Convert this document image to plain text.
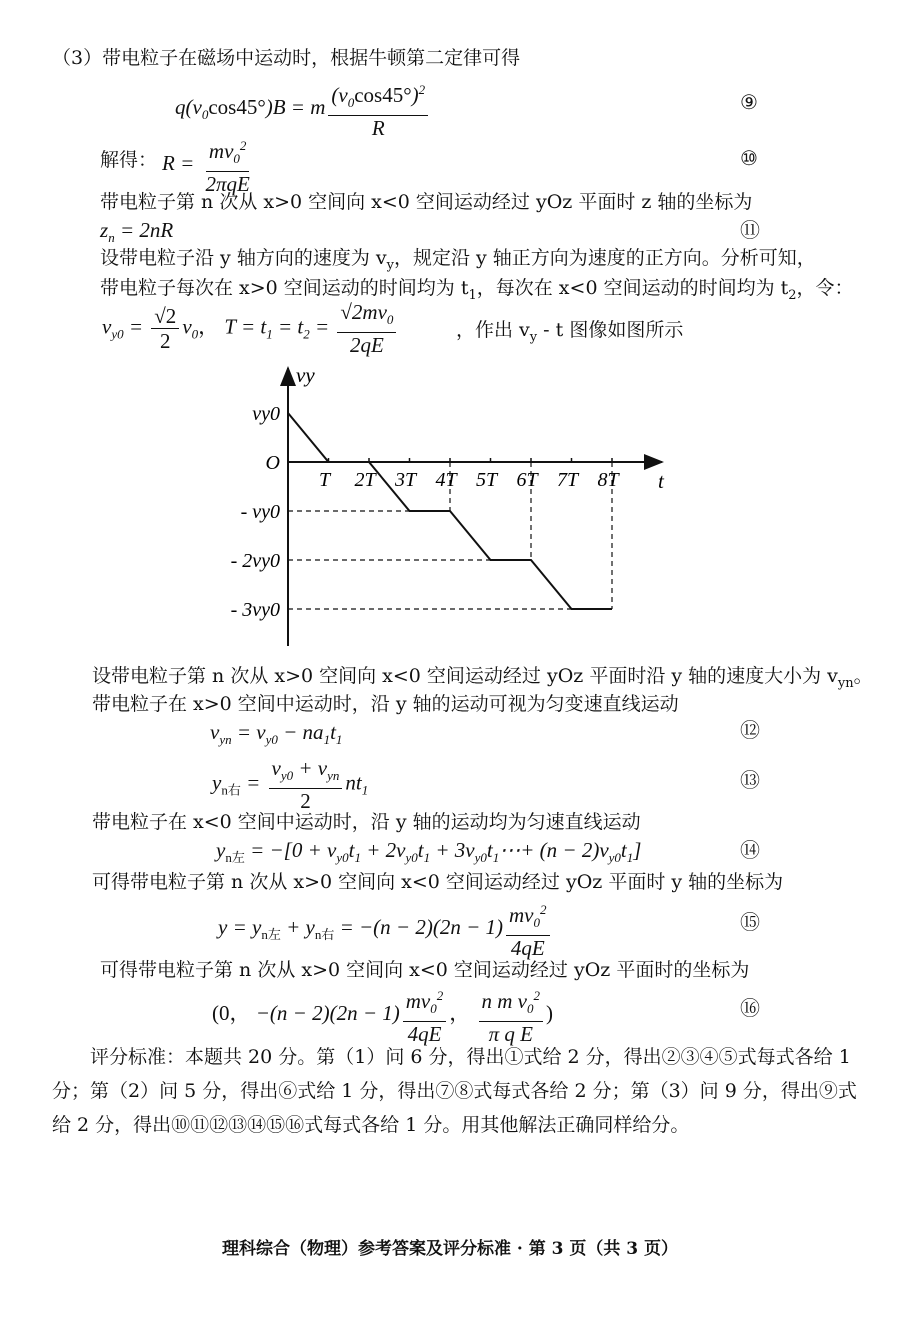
（3）带电粒子在磁场中运动时，根据牛顿第二定律可得
$q(v_0\cos 45^\circ)B = m \frac{(v_0\cos 45^\circ)^2}{R}$	⑨
解得： $R = \frac{mv_0^2}{\text{2πqE}}$	⑩
带电粒子第 n 次从 x>0 空间向 x<0 空间运动经过 yOz 平面时 z 轴的坐标为
$z_n = 2nR$	⑪
设带电粒子沿 y 轴方向的速度为 $v_y$，规定沿 y 轴正方向为速度的正方向。分析可知，
带电粒子每次在 x>0 空间运动的时间均为 $t_1$，每次在 x<0 空间运动的时间均为 $t_2$，令：
$v_{y0} = \frac{√2}{2} v_0$， $T = t_1 = t_2 = \frac{√2mv_0}{2qE}$	，作出 $v_y$ - t 图像如图所示
T 2T 3T 4T 5T 6T 7T 8T t
vy
vy0
O
- vy0
- 2vy0
- 3vy0
设带电粒子第 n 次从 x>0 空间向 x<0 空间运动经过 yOz 平面时沿 y 轴的速度大小为 $v_{yn}$。
带电粒子在 x>0 空间中运动时，沿 y 轴的运动可视为匀变速直线运动
$v_{yn} = v_{y0} - na_1t_1$	⑫
$y_{n右} = \frac{v_{y0} + v_{yn}}{2} nt_1$	⑬
带电粒子在 x<0 空间中运动时，沿 y 轴的运动均为匀速直线运动
$y_{n左} = -[0 + v_{y0}t_1 + 2v_{y0}t_1$ + $3v_{y0}t_1\cdots+ (n - 2)v_{y0}t_1$]	⑭
可得带电粒子第 n 次从 x>0 空间向 x<0 空间运动经过 yOz 平面时 y 轴的坐标为
$y = y_{n左} + y_{n右} = -(n - 2)(2n - 1) \frac{mv_0^2}{4qE}$	⑮
可得带电粒子第 n 次从 x>0 空间向 x<0 空间运动经过 yOz 平面时的坐标为
(0， $-(n - 2)(2n - 1) \frac{mv_0^2}{4qE}$ ， $\frac{n m v_0^2}{\text{π q E}}$ )	⑯
评分标准：本题共 20 分。第（1）问 6 分，得出①式给 2 分，得出②③④⑤式每式各给 1 分；第（2）问 5 分，得出⑥式给 1 分，得出⑦⑧式每式各给 2 分；第（3）问 9 分，得出⑨式给 2 分，得出⑩⑪⑫⑬⑭⑮⑯式每式各给 1 分。用其他解法正确同样给分。
理科综合（物理）参考答案及评分标准 · 第 3 页（共 3 页）
